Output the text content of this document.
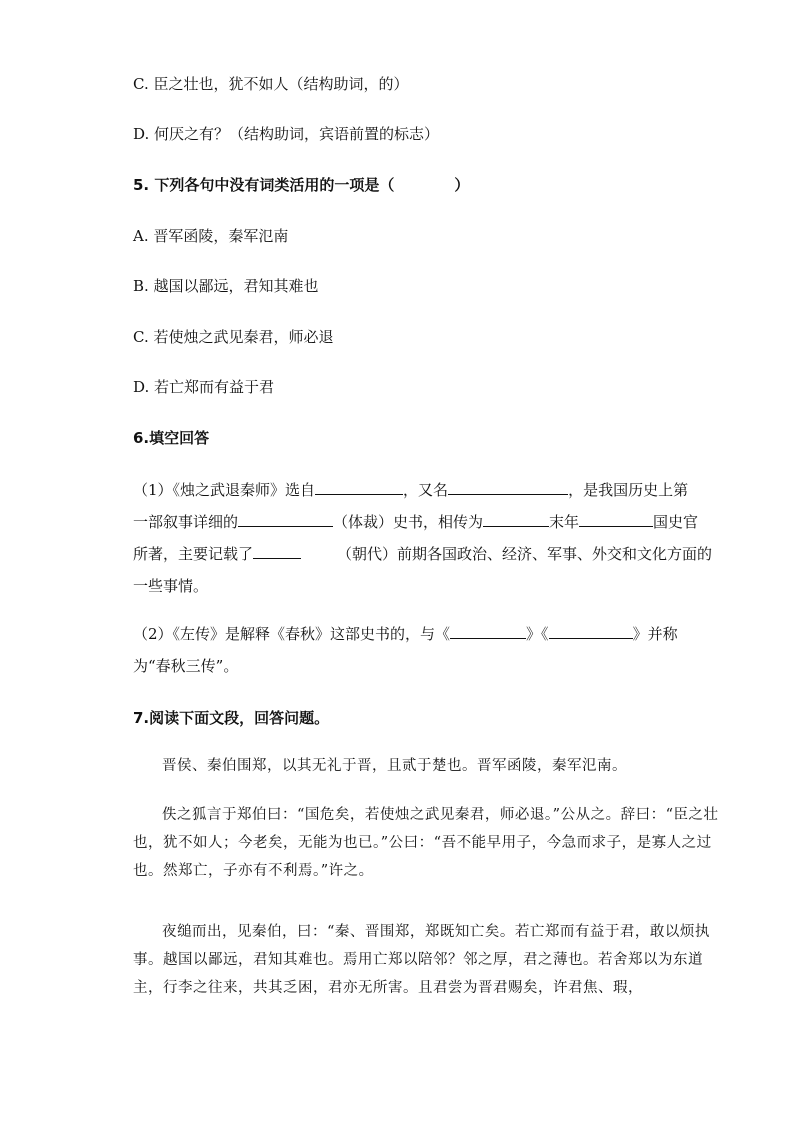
C. 臣之壮也，犹不如人（结构助词，的）
D. 何厌之有？（结构助词，宾语前置的标志）
5. 下列各句中没有词类活用的一项是（　　　　）
A. 晋军函陵，秦军氾南
B. 越国以鄙远，君知其难也
C. 若使烛之武见秦君，师必退
D. 若亡郑而有益于君
6.填空回答

（1）《烛之武退秦师》选自	，又名	，是我国历史上第

一部叙事详细的	（体裁）史书，相传为	末年	国史官

所著，主要记载了	（朝代）前期各国政治、经济、军事、外交和文化方面的

一些事情。

（2）《左传》是解释《春秋》这部史书的，与《	》《	》并称

为“春秋三传”。

7.阅读下面文段，回答问题。

晋侯、秦伯围郑，以其无礼于晋，且贰于楚也。晋军函陵，秦军氾南。

佚之狐言于郑伯曰：“国危矣，若使烛之武见秦君，师必退。”公从之。辞曰：“臣之壮也，犹不如人；今老矣，无能为也已。”公曰：“吾不能早用子，今急而求子，是寡人之过也。然郑亡，子亦有不利焉。”许之。

夜缒而出，见秦伯，曰：“秦、晋围郑，郑既知亡矣。若亡郑而有益于君，敢以烦执事。越国以鄙远，君知其难也。焉用亡郑以陪邻？邻之厚，君之薄也。若舍郑以为东道主，行李之往来，共其乏困，君亦无所害。且君尝为晋君赐矣，许君焦、瑕，
